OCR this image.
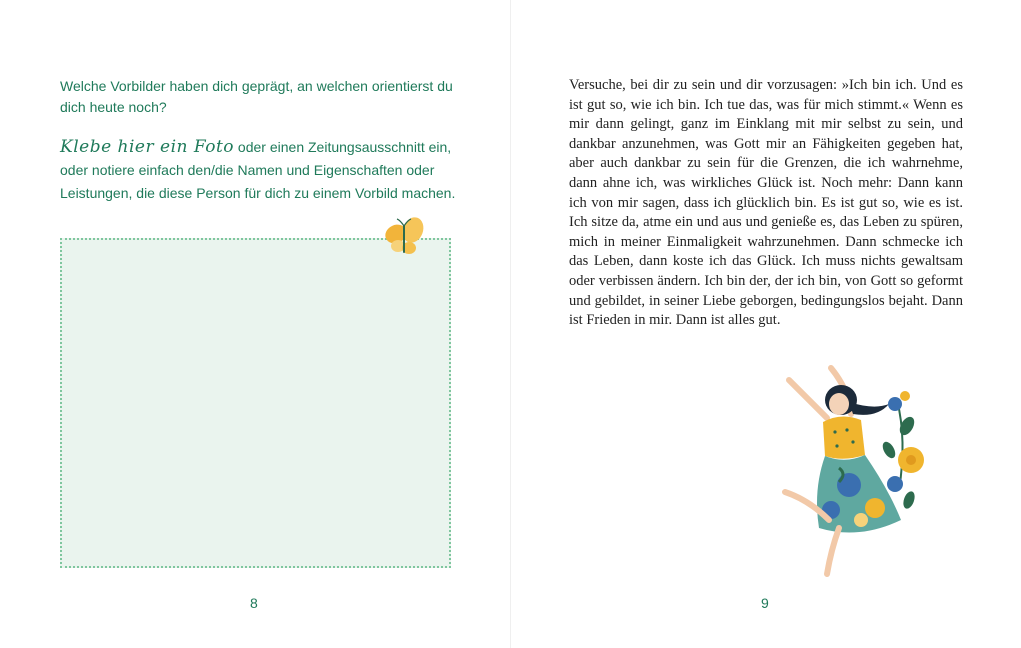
Welche Vorbilder haben dich geprägt, an welchen orientierst du dich heute noch?
Klebe hier ein Foto oder einen Zeitungsausschnitt ein, oder notiere einfach den/die Namen und Eigenschaften oder Leistungen, die diese Person für dich zu einem Vorbild machen.
8
Versuche, bei dir zu sein und dir vorzusagen: »Ich bin ich. Und es ist gut so, wie ich bin. Ich tue das, was für mich stimmt.« Wenn es mir dann gelingt, ganz im Einklang mit mir selbst zu sein, und dankbar anzunehmen, was Gott mir an Fähigkeiten gegeben hat, aber auch dankbar zu sein für die Grenzen, die ich wahrnehme, dann ahne ich, was wirkliches Glück ist. Noch mehr: Dann kann ich von mir sagen, dass ich glücklich bin. Es ist gut so, wie es ist. Ich sitze da, atme ein und aus und genieße es, das Leben zu spüren, mich in meiner Einmaligkeit wahrzunehmen. Dann schmecke ich das Leben, dann koste ich das Glück. Ich muss nichts gewaltsam oder verbissen ändern. Ich bin der, der ich bin, von Gott so geformt und gebildet, in seiner Liebe geborgen, bedingungslos bejaht. Dann ist Frieden in mir. Dann ist alles gut.
9
